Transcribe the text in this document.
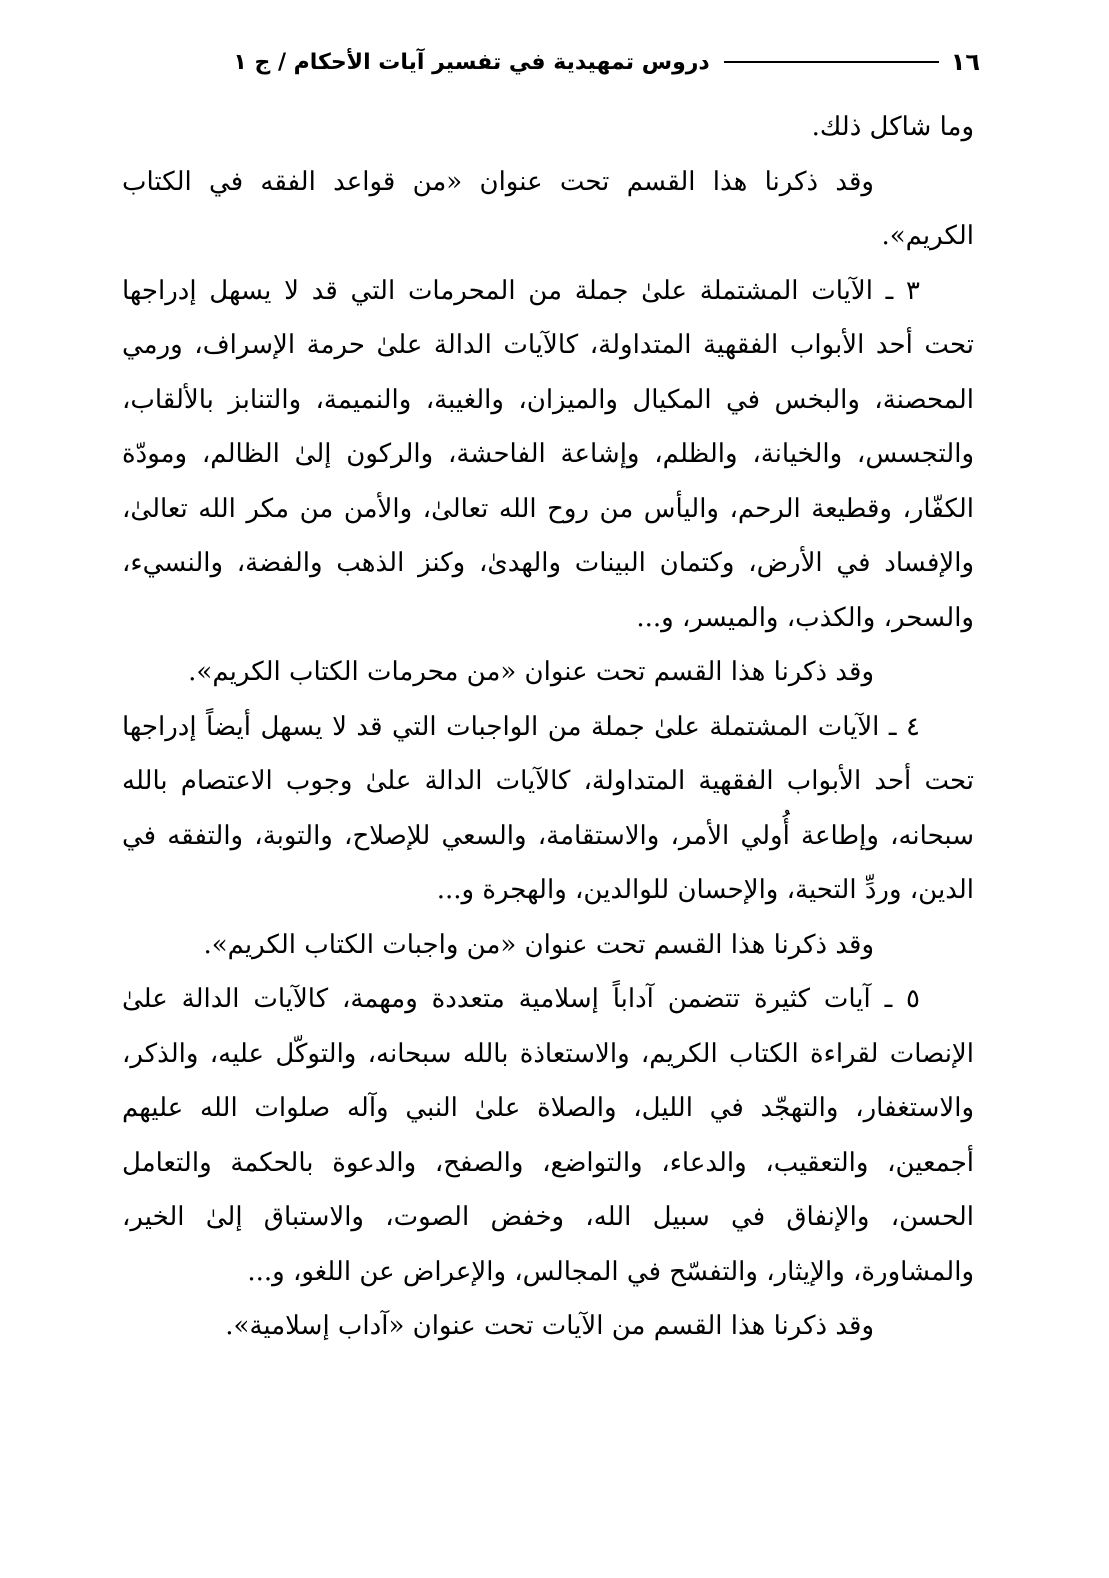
١٦
دروس تمهيدية في تفسير آيات الأحكام / ج ١

وما شاكل ذلك.

وقد ذكرنا هذا القسم تحت عنوان «من قواعد الفقه في الكتاب الكريم».

٣ ـ الآيات المشتملة علىٰ جملة من المحرمات التي قد لا يسهل إدراجها تحت أحد الأبواب الفقهية المتداولة، كالآيات الدالة علىٰ حرمة الإسراف، ورمي المحصنة، والبخس في المكيال والميزان، والغيبة، والنميمة، والتنابز بالألقاب، والتجسس، والخيانة، والظلم، وإشاعة الفاحشة، والركون إلىٰ الظالم، ومودّة الكفّار، وقطيعة الرحم، واليأس من روح الله تعالىٰ، والأمن من مكر الله تعالىٰ، والإفساد في الأرض، وكتمان البينات والهدىٰ، وكنز الذهب والفضة، والنسيء، والسحر، والكذب، والميسر، و...

وقد ذكرنا هذا القسم تحت عنوان «من محرمات الكتاب الكريم».

٤ ـ الآيات المشتملة علىٰ جملة من الواجبات التي قد لا يسهل أيضاً إدراجها تحت أحد الأبواب الفقهية المتداولة، كالآيات الدالة علىٰ وجوب الاعتصام بالله سبحانه، وإطاعة أُولي الأمر، والاستقامة، والسعي للإصلاح، والتوبة، والتفقه في الدين، وردِّ التحية، والإحسان للوالدين، والهجرة و...

وقد ذكرنا هذا القسم تحت عنوان «من واجبات الكتاب الكريم».

٥ ـ آيات كثيرة تتضمن آداباً إسلامية متعددة ومهمة، كالآيات الدالة علىٰ الإنصات لقراءة الكتاب الكريم، والاستعاذة بالله سبحانه، والتوكّل عليه، والذكر، والاستغفار، والتهجّد في الليل، والصلاة علىٰ النبي وآله صلوات الله عليهم أجمعين، والتعقيب، والدعاء، والتواضع، والصفح، والدعوة بالحكمة والتعامل الحسن، والإنفاق في سبيل الله، وخفض الصوت، والاستباق إلىٰ الخير، والمشاورة، والإيثار، والتفسّح في المجالس، والإعراض عن اللغو، و...

وقد ذكرنا هذا القسم من الآيات تحت عنوان «آداب إسلامية».
